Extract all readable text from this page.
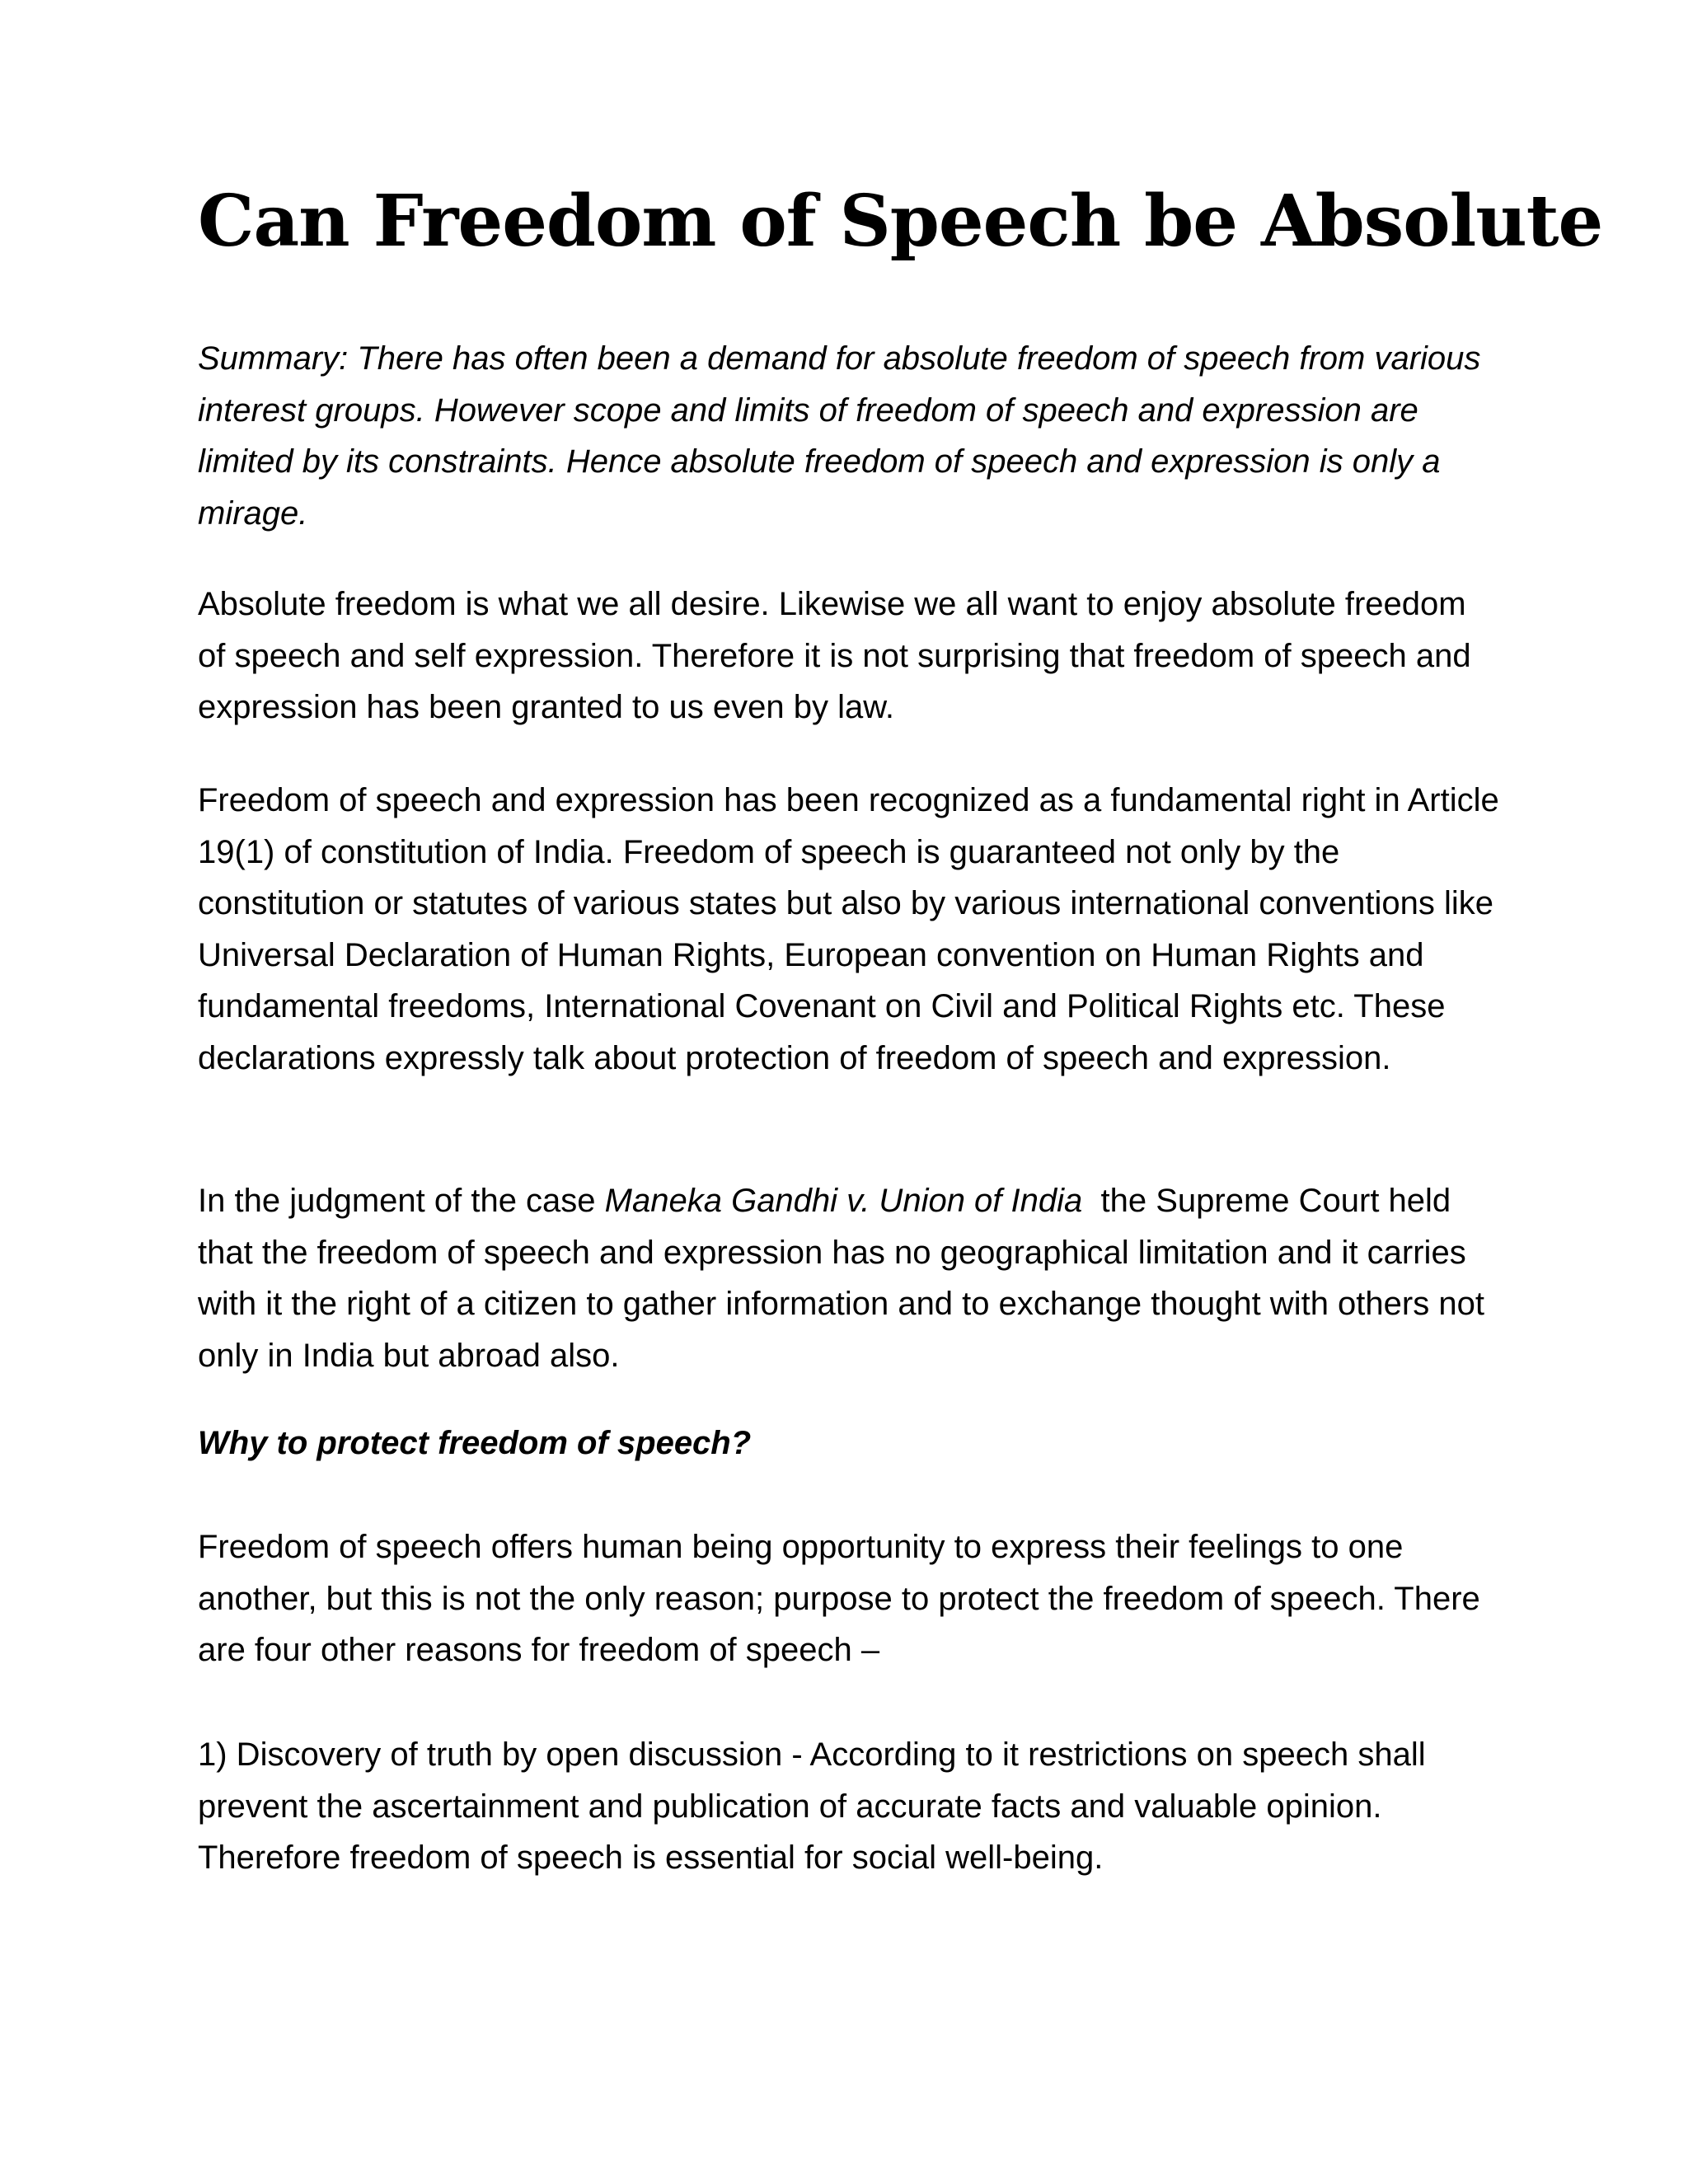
Can Freedom of Speech be Absolute

Summary: There has often been a demand for absolute freedom of speech from various interest groups. However scope and limits of freedom of speech and expression are limited by its constraints. Hence absolute freedom of speech and expression is only a mirage.

Absolute freedom is what we all desire. Likewise we all want to enjoy absolute freedom of speech and self expression. Therefore it is not surprising that freedom of speech and expression has been granted to us even by law.

Freedom of speech and expression has been recognized as a fundamental right in Article 19(1) of constitution of India. Freedom of speech is guaranteed not only by the constitution or statutes of various states but also by various international conventions like Universal Declaration of Human Rights, European convention on Human Rights and fundamental freedoms, International Covenant on Civil and Political Rights etc. These declarations expressly talk about protection of freedom of speech and expression.

In the judgment of the case Maneka Gandhi v. Union of India  the Supreme Court held that the freedom of speech and expression has no geographical limitation and it carries with it the right of a citizen to gather information and to exchange thought with others not only in India but abroad also.

Why to protect freedom of speech?

Freedom of speech offers human being opportunity to express their feelings to one another, but this is not the only reason; purpose to protect the freedom of speech. There are four other reasons for freedom of speech –

1) Discovery of truth by open discussion - According to it restrictions on speech shall prevent the ascertainment and publication of accurate facts and valuable opinion. Therefore freedom of speech is essential for social well-being.
